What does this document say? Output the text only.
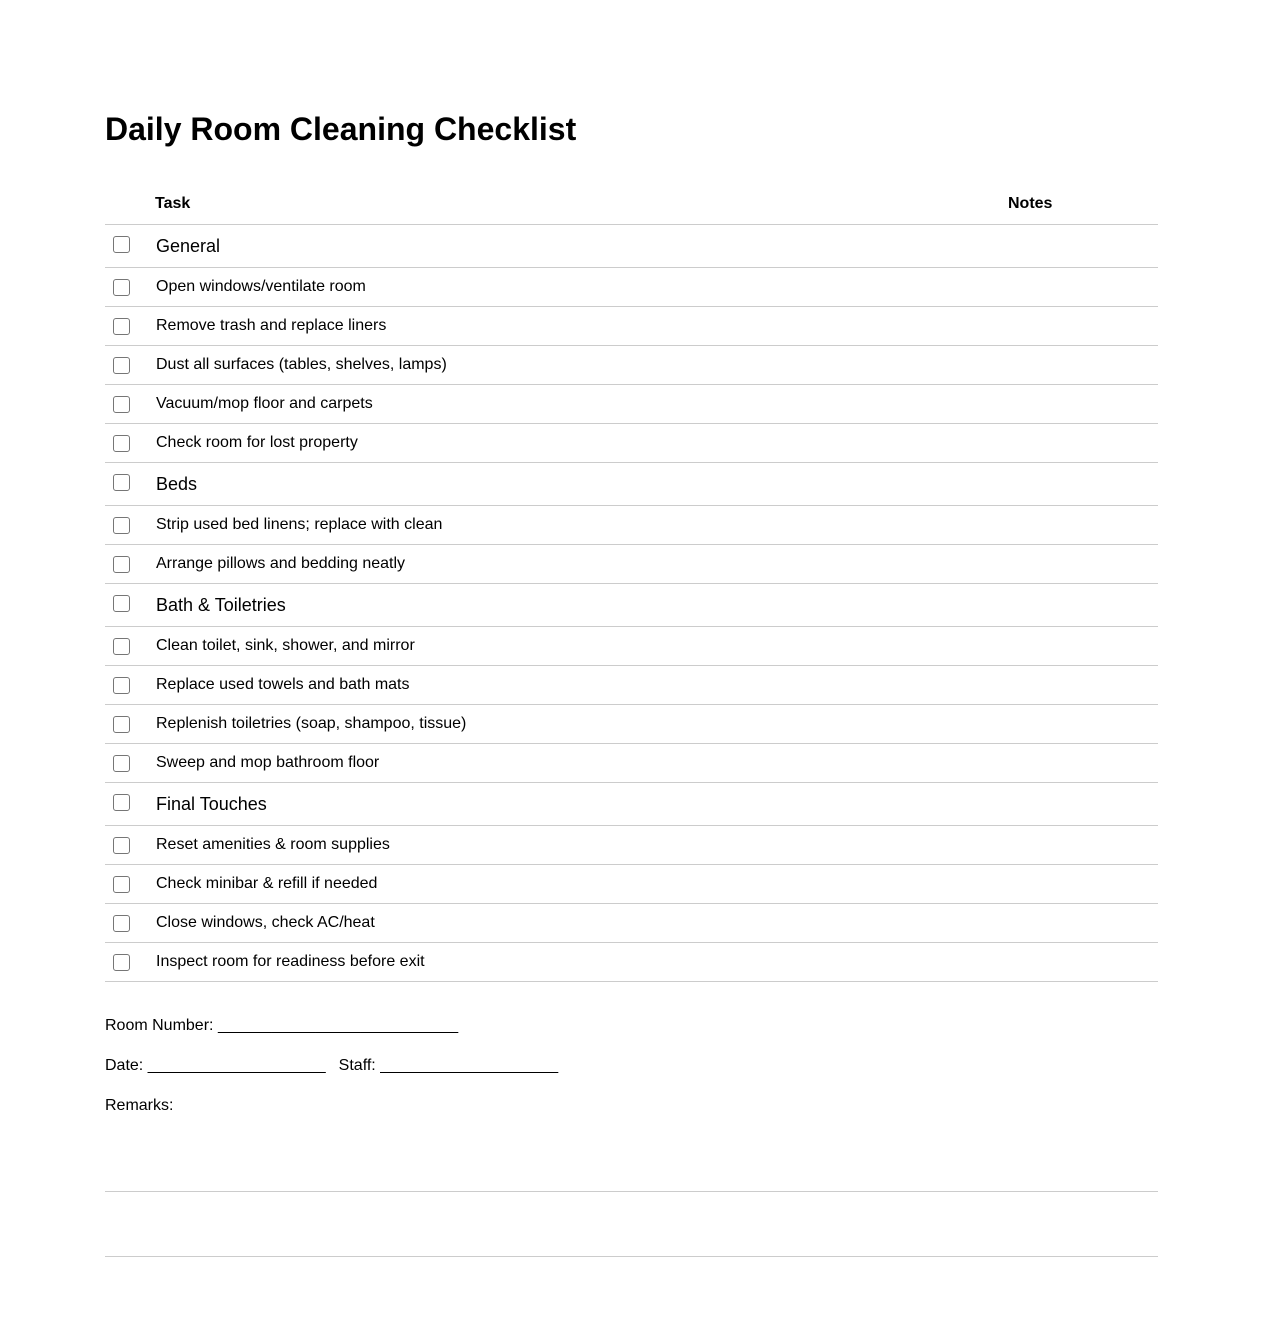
Daily Room Cleaning Checklist
	Task	Notes

	General	

	Open windows/ventilate room	

	Remove trash and replace liners	

	Dust all surfaces (tables, shelves, lamps)	

	Vacuum/mop floor and carpets	

	Check room for lost property	

	Beds	

	Strip used bed linens; replace with clean	

	Arrange pillows and bedding neatly	

	Bath & Toiletries	

	Clean toilet, sink, shower, and mirror	

	Replace used towels and bath mats	

	Replenish toiletries (soap, shampoo, tissue)	

	Sweep and mop bathroom floor	

	Final Touches	

	Reset amenities & room supplies	

	Check minibar & refill if needed	

	Close windows, check AC/heat	

	Inspect room for readiness before exit	
Room Number: ___________________________
Date: ____________________ Staff: ____________________
Remarks:
